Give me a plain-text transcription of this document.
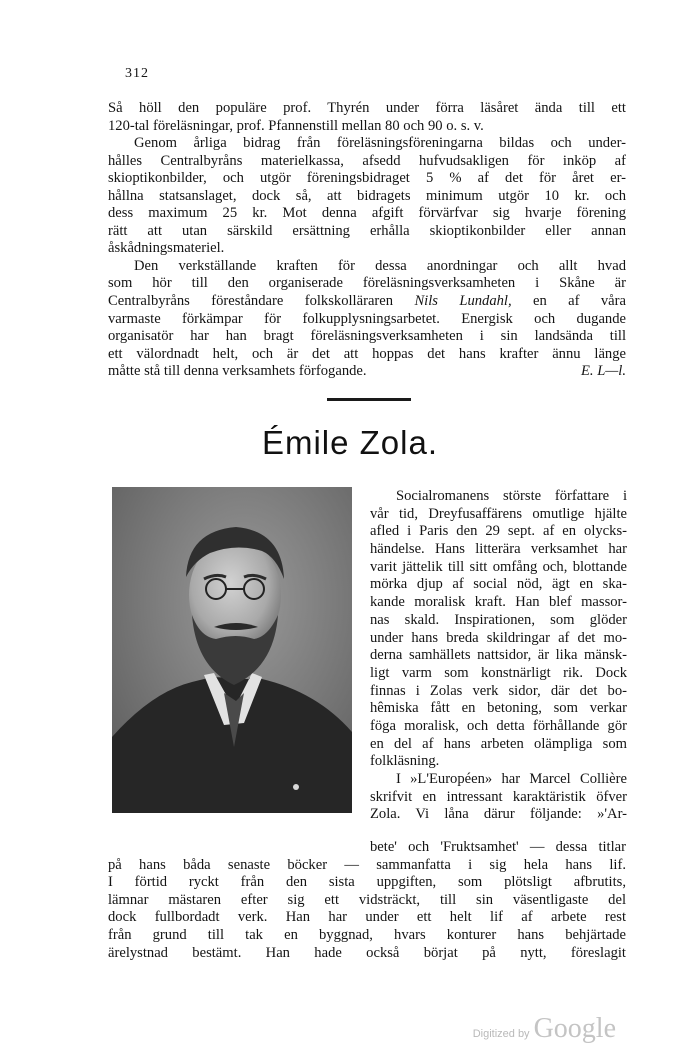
312
Så höll den populäre prof. Thyrén under förra läsåret ända till ett
120-tal föreläsningar, prof. Pfannenstill mellan 80 och 90 o. s. v.
Genom årliga bidrag från föreläsningsföreningarna bildas och under-
hålles Centralbyråns materielkassa, afsedd hufvudsakligen för inköp af
skioptikonbilder, och utgör föreningsbidraget 5 % af det för året er-
hållna statsanslaget, dock så, att bidragets minimum utgör 10 kr. och
dess maximum 25 kr. Mot denna afgift förvärfvar sig hvarje förening
rätt att utan särskild ersättning erhålla skioptikonbilder eller annan
åskådningsmateriel.
Den verkställande kraften för dessa anordningar och allt hvad
som hör till den organiserade föreläsningsverksamheten i Skåne är
Centralbyråns föreståndare folkskolläraren Nils Lundahl, en af våra
varmaste förkämpar för folkupplysningsarbetet. Energisk och dugande
organisatör har han bragt föreläsningsverksamheten i sin landsända till
ett välordnadt helt, och är det att hoppas det hans krafter ännu länge
måtte stå till denna verksamhets förfogande.	E. L—l.
Émile Zola.
Socialromanens störste författare i
vår tid, Dreyfusaffärens omutlige hjälte
afled i Paris den 29 sept. af en olycks-
händelse. Hans litterära verksamhet har
varit jättelik till sitt omfång och, blottande
mörka djup af social nöd, ägt en ska-
kande moralisk kraft. Han blef massor-
nas skald. Inspirationen, som glöder
under hans breda skildringar af det mo-
derna samhällets nattsidor, är lika mänsk-
ligt varm som konstnärligt rik. Dock
finnas i Zolas verk sidor, där det bo-
hêmiska fått en betoning, som verkar
föga moralisk, och detta förhållande gör
en del af hans arbeten olämpliga som
folkläsning.
I »L'Européen» har Marcel Collière
skrifvit en intressant karaktäristik öfver
Zola. Vi låna därur följande: »'Ar-
bete' och 'Fruktsamhet' — dessa titlar
på hans båda senaste böcker — sammanfatta i sig hela hans lif.
I förtid ryckt från den sista uppgiften, som plötsligt afbrutits,
lämnar mästaren efter sig ett vidsträckt, till sin väsentligaste del
dock fullbordadt verk. Han har under ett helt lif af arbete rest
från grund till tak en byggnad, hvars konturer hans behjärtade
ärelystnad bestämt. Han hade också börjat på nytt, föreslagit
Digitized by Google
